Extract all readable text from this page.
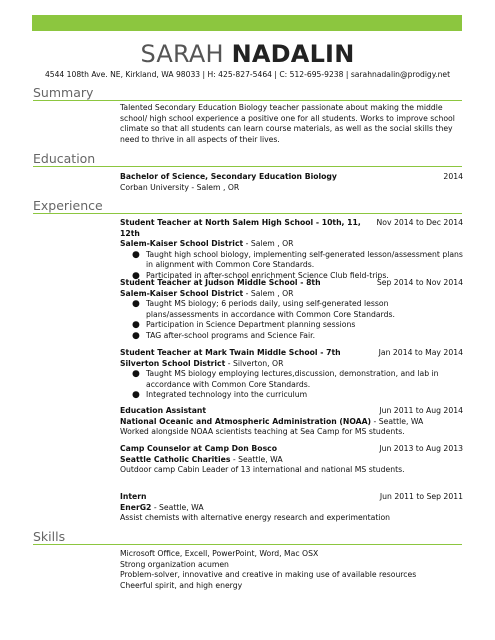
SARAH NADALIN
4544 108th Ave. NE, Kirkland, WA 98033 | H: 425-827-5464 | C: 512-695-9238 | sarahnadalin@prodigy.net
Summary
Talented Secondary Education Biology teacher passionate about making the middle school/ high school experience a positive one for all students. Works to improve school climate so that all students can learn course materials, as well as the social skills they need to thrive in all aspects of their lives.
Education
Bachelor of Science, Secondary Education Biology	2014
Corban University - Salem , OR
Experience
Student Teacher at North Salem High School - 10th, 11, 12th
Nov 2014 to Dec 2014
Salem-Kaiser School District - Salem , OR
● Taught high school biology, implementing self-generated lesson/assessment plans in alignment with Common Core Standards.
● Participated in after-school enrichment Science Club field-trips.
Student Teacher at Judson Middle School - 8th	Sep 2014 to Nov 2014
Salem-Kaiser School District - Salem , OR
● Taught MS biology; 6 periods daily, using self-generated lesson plans/assessments in accordance with Common Core Standards.
● Participation in Science Department planning sessions
● TAG after-school programs and Science Fair.
Student Teacher at Mark Twain Middle School - 7th	Jan 2014 to May 2014
Silverton School District - Silverton, OR
● Taught MS biology employing lectures,discussion, demonstration, and lab in accordance with Common Core Standards.
● Integrated technology into the curriculum
Education Assistant	Jun 2011 to Aug 2014
National Oceanic and Atmospheric Administration (NOAA) - Seattle, WA
Worked alongside NOAA scientists teaching at Sea Camp for MS students.
Camp Counselor at Camp Don Bosco	Jun 2013 to Aug 2013
Seattle Catholic Charities - Seattle, WA
Outdoor camp Cabin Leader of 13 international and national MS students.
Intern	Jun 2011 to Sep 2011
EnerG2 - Seattle, WA
Assist chemists with alternative energy research and experimentation
Skills
Microsoft Office, Excell, PowerPoint, Word, Mac OSX
Strong organization acumen
Problem-solver, innovative and creative in making use of available resources
Cheerful spirit, and high energy
